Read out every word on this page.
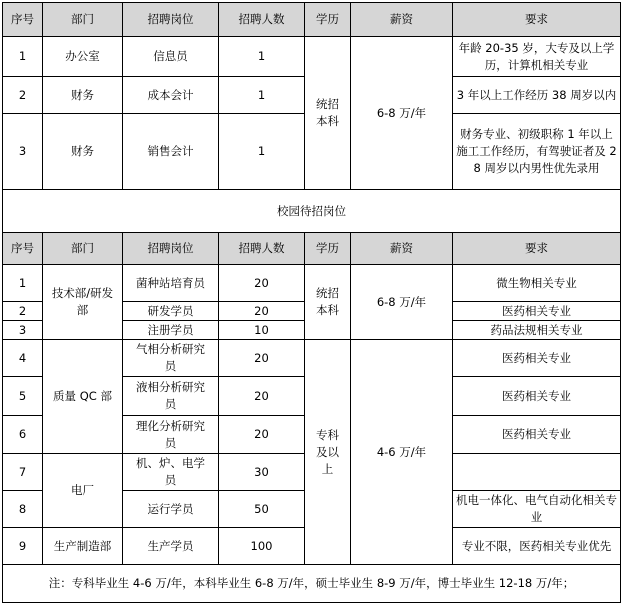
序号	部门	招聘岗位	招聘人数	学历	薪资	要求
1	办公室	信息员	1	统招本科	6-8 万/年	年龄 20-35 岁，大专及以上学历，计算机相关专业
2	财务	成本会计	1			3 年以上工作经历 38 周岁以内
3	财务	销售会计	1			财务专业、初级职称 1 年以上施工工作经历，有驾驶证者及 28 周岁以内男性优先录用
校园待招岗位						
序号	部门	招聘岗位	招聘人数	学历	薪资	要求
1	技术部/研发部	菌种站培育员	20	统招本科	6-8 万/年	微生物相关专业
2		研发学员	20			医药相关专业
3		注册学员	10			药品法规相关专业
4	质量 QC 部	气相分析研究员	20	专科及以上	4-6 万/年	医药相关专业
5		液相分析研究员	20			医药相关专业
6		理化分析研究员	20			医药相关专业
7	电厂	机、炉、电学员	30			
8		运行学员	50			机电一体化、电气自动化相关专业
9	生产制造部	生产学员	100			专业不限，医药相关专业优先
注：专科毕业生 4-6 万/年，本科毕业生 6-8 万/年，硕士毕业生 8-9 万/年，博士毕业生 12-18 万/年；						
